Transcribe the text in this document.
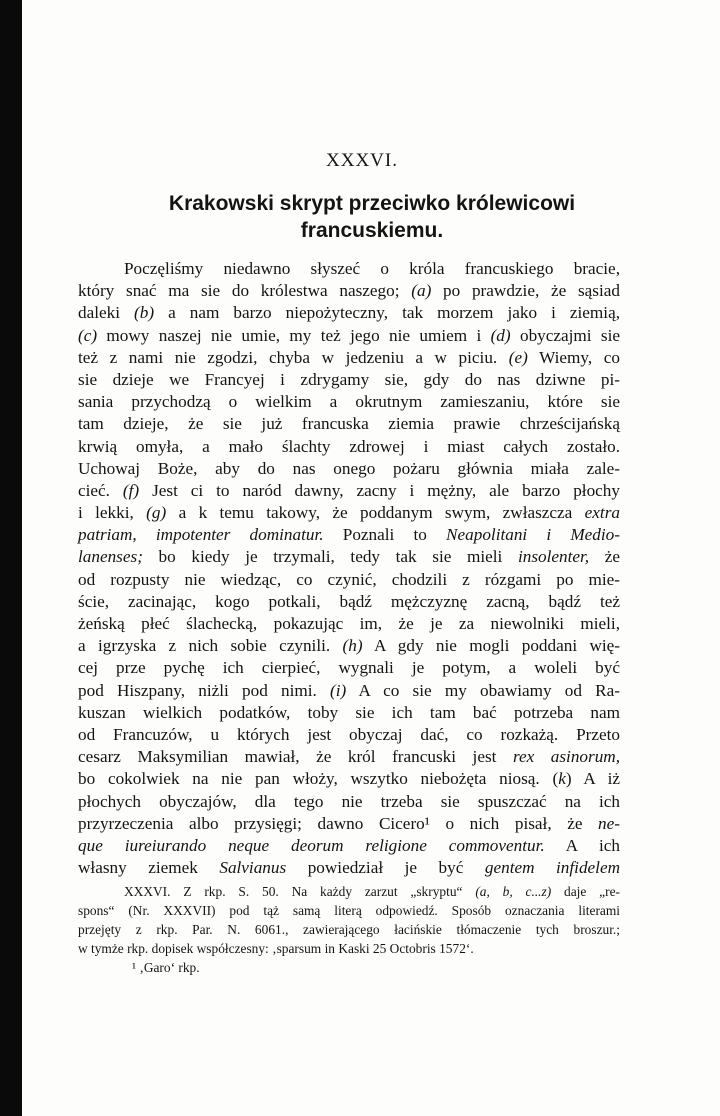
XXXVI.
Krakowski skrypt przeciwko królewicowi
francuskiemu.
Poczęliśmy niedawno słyszeć o króla francuskiego bracie,
który snać ma sie do królestwa naszego; (a) po prawdzie, że sąsiad
daleki (b) a nam barzo niepożyteczny, tak morzem jako i ziemią,
(c) mowy naszej nie umie, my też jego nie umiem i (d) obyczajmi sie
też z nami nie zgodzi, chyba w jedzeniu a w piciu. (e) Wiemy, co
sie dzieje we Francyej i zdrygamy sie, gdy do nas dziwne pi-
sania przychodzą o wielkim a okrutnym zamieszaniu, które sie
tam dzieje, że sie już francuska ziemia prawie chrześcijańską
krwią omyła, a mało ślachty zdrowej i miast całych zostało.
Uchowaj Boże, aby do nas onego pożaru głównia miała zale-
cieć. (f) Jest ci to naród dawny, zacny i mężny, ale barzo płochy
i lekki, (g) a k temu takowy, że poddanym swym, zwłaszcza extra
patriam, impotenter dominatur. Poznali to Neapolitani i Medio-
lanenses; bo kiedy je trzymali, tedy tak sie mieli insolenter, że
od rozpusty nie wiedząc, co czynić, chodzili z rózgami po mie-
ście, zacinając, kogo potkali, bądź mężczyznę zacną, bądź też
żeńską płeć ślachecką, pokazując im, że je za niewolniki mieli,
a igrzyska z nich sobie czynili. (h) A gdy nie mogli poddani wię-
cej prze pychę ich cierpieć, wygnali je potym, a woleli być
pod Hiszpany, niżli pod nimi. (i) A co sie my obawiamy od Ra-
kuszan wielkich podatków, toby sie ich tam bać potrzeba nam
od Francuzów, u których jest obyczaj dać, co rozkażą. Przeto
cesarz Maksymilian mawiał, że król francuski jest rex asinorum,
bo cokolwiek na nie pan włoży, wszytko niebożęta niosą. (k) A iż
płochych obyczajów, dla tego nie trzeba sie spuszczać na ich
przyrzeczenia albo przysięgi; dawno Cicero¹ o nich pisał, że ne-
que iureiurando neque deorum religione commoventur. A ich
własny ziemek Salvianus powiedział je być gentem infidelem
XXXVI. Z rkp. S. 50. Na każdy zarzut „skryptu“ (a, b, c...z) daje „re-
spons“ (Nr. XXXVII) pod tąż samą literą odpowiedź. Sposób oznaczania literami
przejęty z rkp. Par. N. 6061., zawierającego łacińskie tłómaczenie tych broszur.;
w tymże rkp. dopisek współczesny: ‚sparsum in Kaski 25 Octobris 1572‘.
¹ ‚Garo‘ rkp.
